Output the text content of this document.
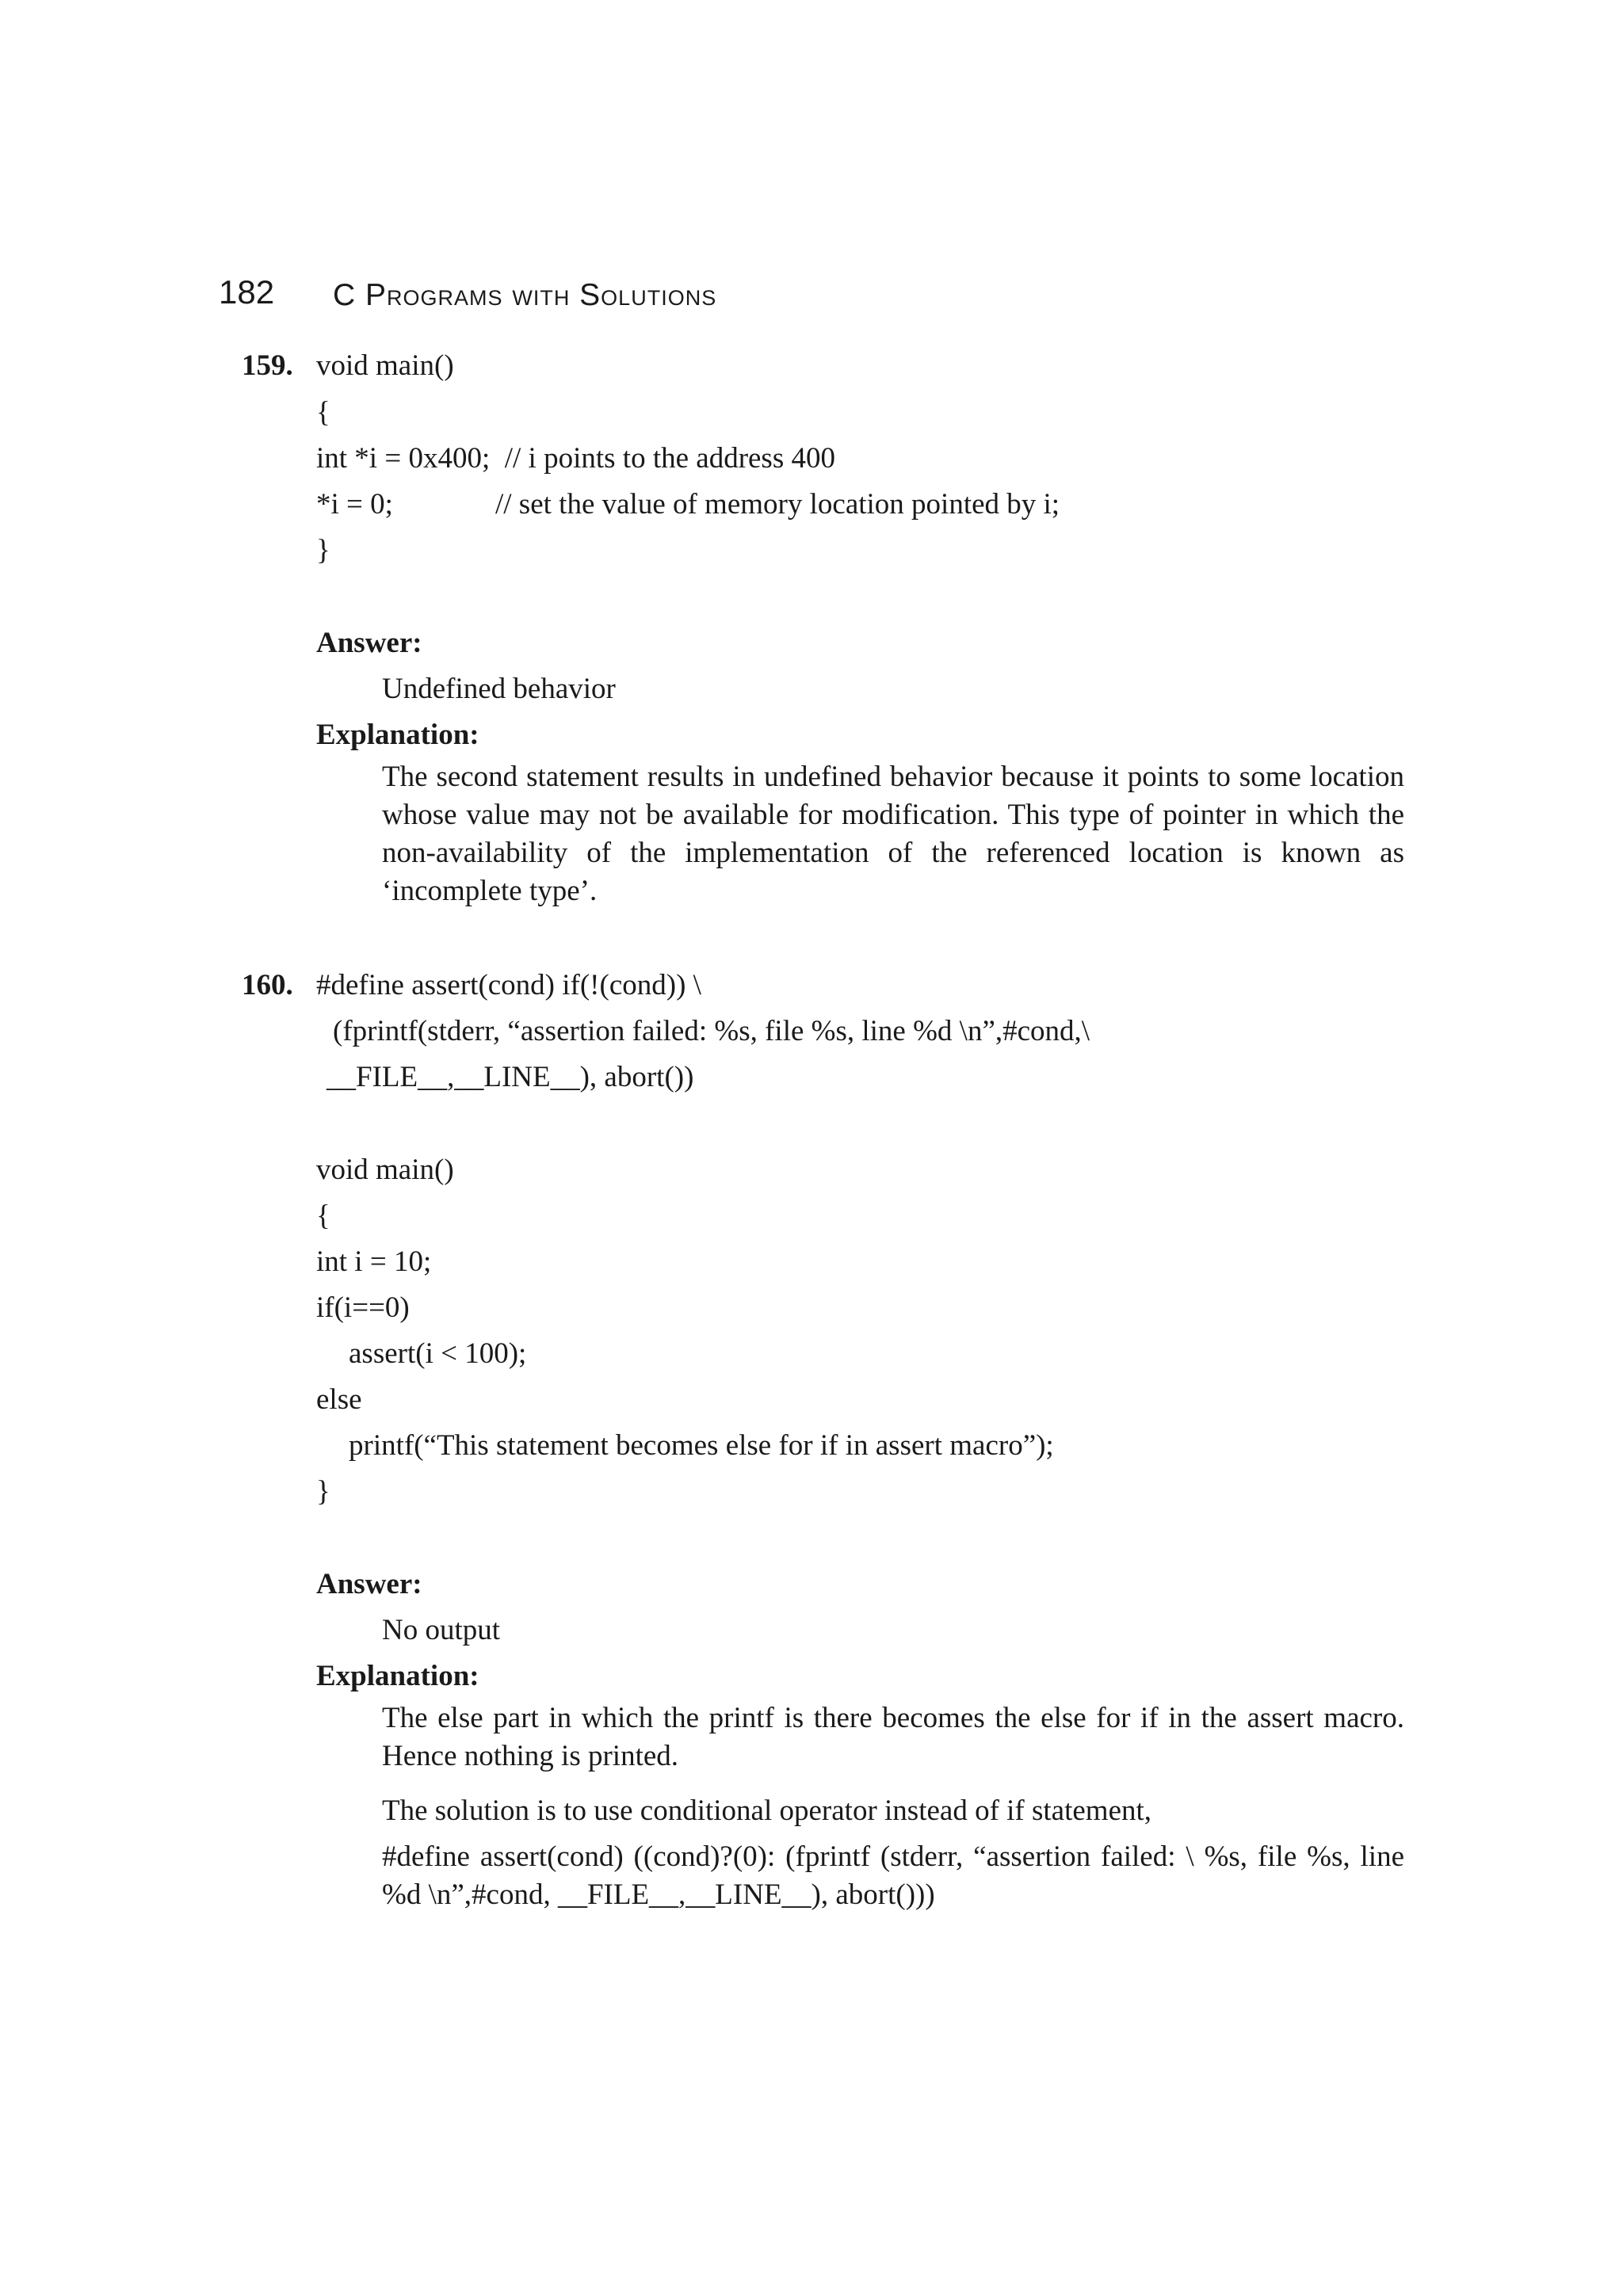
182 C Programs with Solutions
159. void main()
{
int *i = 0x400;  // i points to the address 400
*i = 0;	// set the value of memory location pointed by i;
}
Answer:
Undefined behavior
Explanation:
The second statement results in undefined behavior because it points to some location whose value may not be available for modification. This type of pointer in which the non-availability of the implementation of the referenced location is known as ‘incomplete type’.
160. #define assert(cond) if(!(cond)) \
(fprintf(stderr, “assertion failed: %s, file %s, line %d \n”,#cond,\
__FILE__,__LINE__), abort())
void main()
{
int i = 10;
if(i==0)
assert(i < 100);
else
printf(“This statement becomes else for if in assert macro”);
}
Answer:
No output
Explanation:
The else part in which the printf is there becomes the else for if in the assert macro. Hence nothing is printed.
The solution is to use conditional operator instead of if statement,
#define assert(cond) ((cond)?(0): (fprintf (stderr, “assertion failed: \ %s, file %s, line %d \n”,#cond, __FILE__,__LINE__), abort()))
